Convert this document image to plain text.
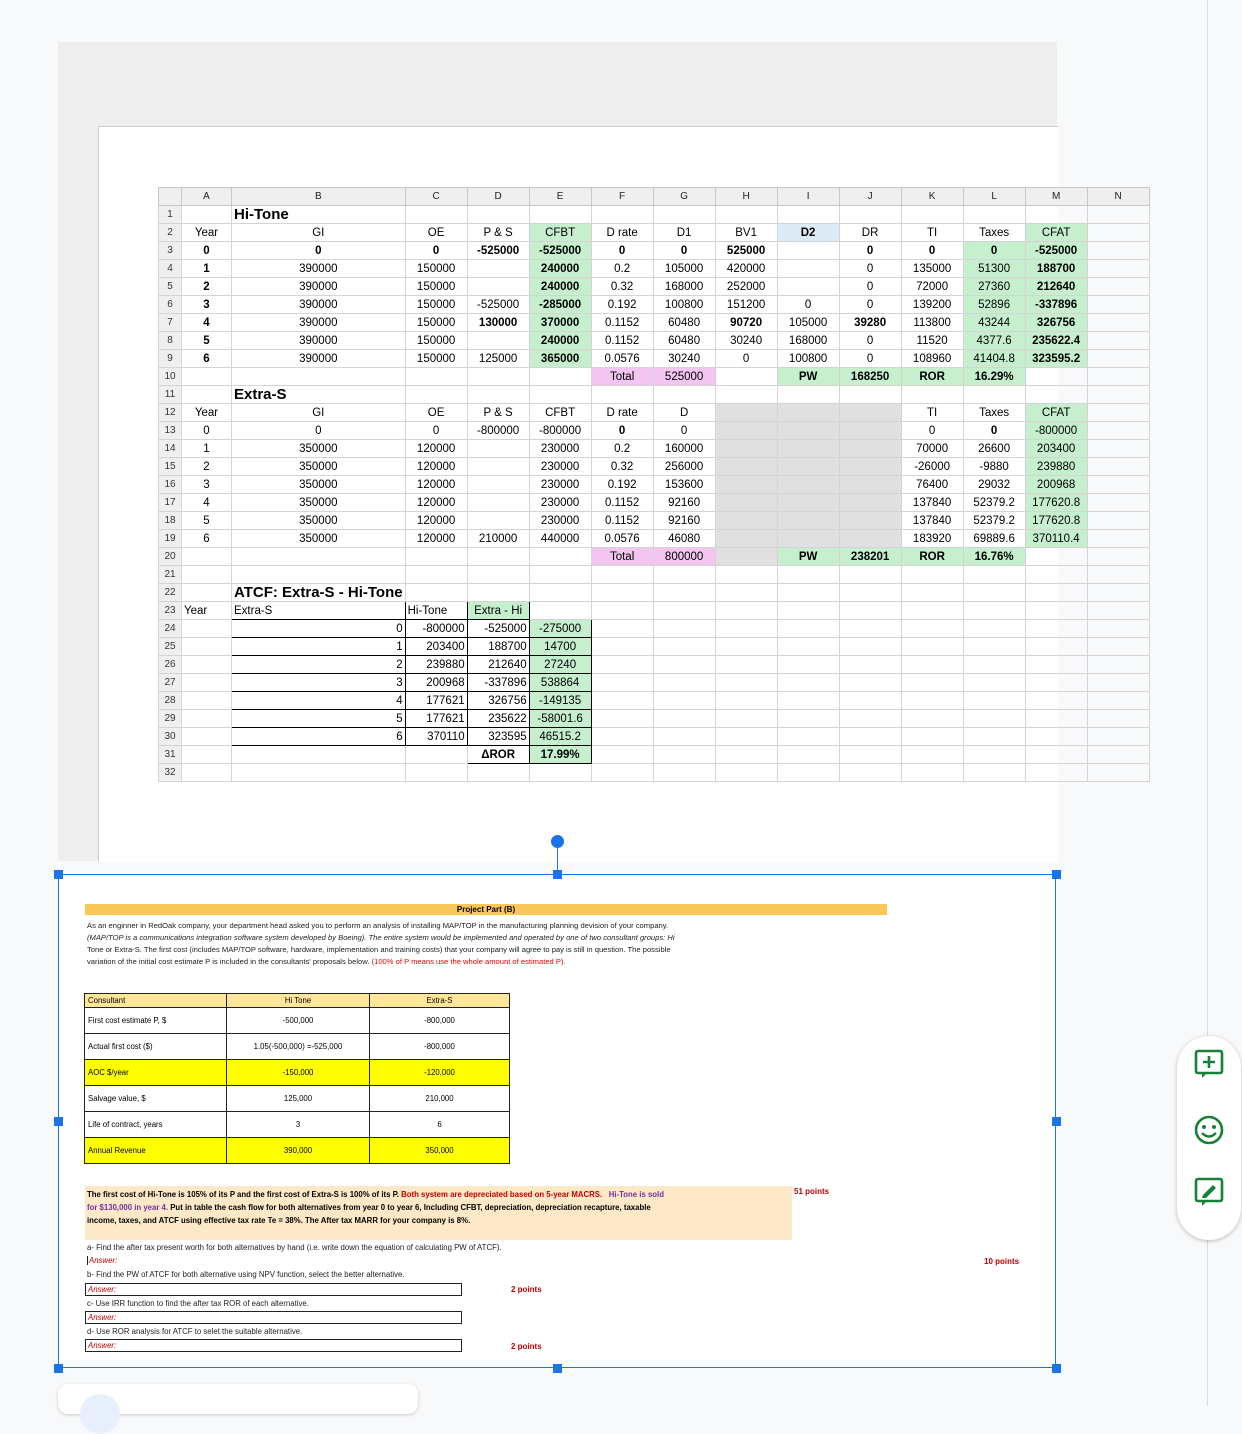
	A	B	C	D	E	F	G	H	I	J	K	L	M	N
1		Hi-Tone												
2	Year	GI	OE	P & S	CFBT	D rate	D1	BV1	D2	DR	TI	Taxes	CFAT	
3	0	0	0	-525000	-525000	0	0	525000		0	0	0	-525000	
4	1	390000	150000		240000	0.2	105000	420000		0	135000	51300	188700	
5	2	390000	150000		240000	0.32	168000	252000		0	72000	27360	212640	
6	3	390000	150000	-525000	-285000	0.192	100800	151200	0	0	139200	52896	-337896	
7	4	390000	150000	130000	370000	0.1152	60480	90720	105000	39280	113800	43244	326756	
8	5	390000	150000		240000	0.1152	60480	30240	168000	0	11520	4377.6	235622.4	
9	6	390000	150000	125000	365000	0.0576	30240	0	100800	0	108960	41404.8	323595.2	
10						Total	525000		PW	168250	ROR	16.29%		
11		Extra-S												
12	Year	GI	OE	P & S	CFBT	D rate	D				TI	Taxes	CFAT	
13	0	0	0	-800000	-800000	0	0				0	0	-800000	
14	1	350000	120000		230000	0.2	160000				70000	26600	203400	
15	2	350000	120000		230000	0.32	256000				-26000	-9880	239880	
16	3	350000	120000		230000	0.192	153600				76400	29032	200968	
17	4	350000	120000		230000	0.1152	92160				137840	52379.2	177620.8	
18	5	350000	120000		230000	0.1152	92160				137840	52379.2	177620.8	
19	6	350000	120000	210000	440000	0.0576	46080				183920	69889.6	370110.4	
20						Total	800000		PW	238201	ROR	16.76%		
21														
22		ATCF: Extra-S - Hi-Tone												
23	Year	Extra-S	Hi-Tone	Extra - Hi										
24		0	-800000	-525000	-275000									
25		1	203400	188700	14700									
26		2	239880	212640	27240									
27		3	200968	-337896	538864									
28		4	177621	326756	-149135									
29		5	177621	235622	-58001.6									
30		6	370110	323595	46515.2									
31				ΔROR	17.99%									
32														
Project Part (B)
As an enginner in RedOak company, your department head asked you to perform an analysis of installing MAP/TOP in the manufacturing planning devision of your company.
(MAP/TOP is a communications integration software system developed by Boeing). The entire system would be implemented and operated by one of two consultant groups: Hi
Tone or Extra-S. The first cost (includes MAP/TOP software, hardware, implementation and training costs) that your company will agree to pay is still in question. The possible
variation of the initial cost estimate P is included in the consultants' proposals below. (100% of P means use the whole amount of estimated P).
Consultant	Hi Tone	Extra-S
First cost estimate P, $	-500,000	-800,000
Actual first cost ($)	1.05(-500,000) =-525,000	-800,000
AOC $/year	-150,000	-120,000
Salvage value, $	125,000	210,000
Life of contract, years	3	6
Annual Revenue	390,000	350,000
The first cost of Hi-Tone is 105% of its P and the first cost of Extra-S is 100% of its P. Both system are depreciated based on 5-year MACRS. Hi-Tone is sold
for $130,000 in year 4. Put in table the cash flow for both alternatives from year 0 to year 6, Including CFBT, depreciation, depreciation recapture, taxable
income, taxes, and ATCF using effective tax rate Te = 38%. The After tax MARR for your company is 8%.
51 points
a- Find the after tax present worth for both alternatives by hand (i.e. write down the equation of calculating PW of ATCF).
Answer:	10 points
b- Find the PW of ATCF for both alternative using NPV function, select the better alternative.
Answer:	2 points
c- Use IRR function to find the after tax ROR of each alternative.
Answer:
d- Use ROR analysis for ATCF to selet the suitable alternative.
Answer:	2 points
